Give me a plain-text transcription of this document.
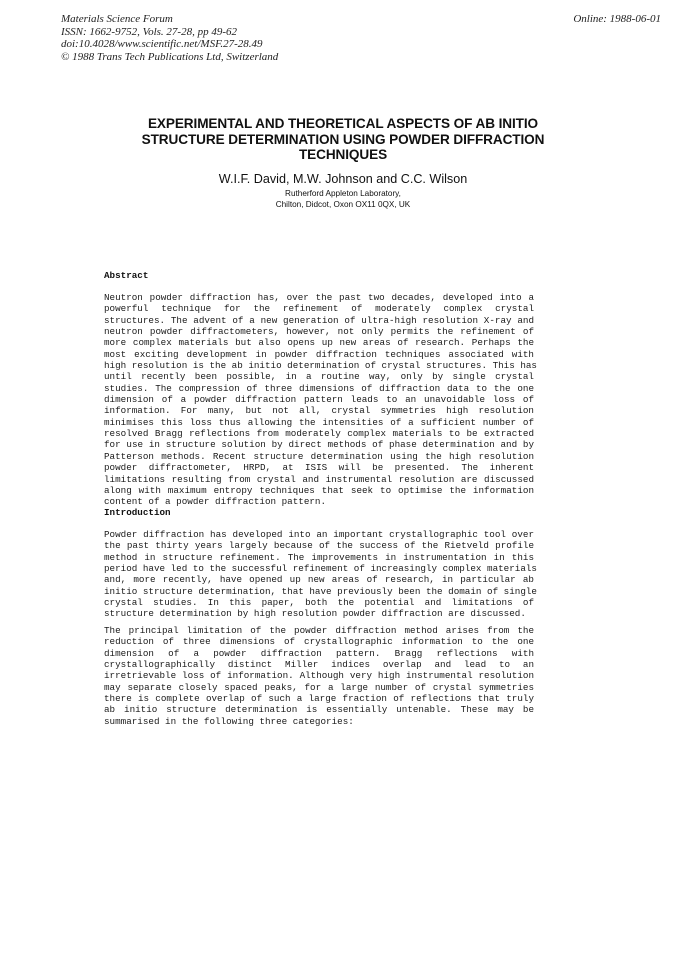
Materials Science Forum
ISSN: 1662-9752, Vols. 27-28, pp 49-62
doi:10.4028/www.scientific.net/MSF.27-28.49
© 1988 Trans Tech Publications Ltd, Switzerland
Online: 1988-06-01
EXPERIMENTAL AND THEORETICAL ASPECTS OF AB INITIO
STRUCTURE DETERMINATION USING POWDER DIFFRACTION
TECHNIQUES
W.I.F. David, M.W. Johnson and C.C. Wilson
Rutherford Appleton Laboratory,
Chilton, Didcot, Oxon OX11 0QX, UK
Abstract
Neutron powder diffraction has, over the past two decades, developed into a
powerful technique for the refinement of moderately complex crystal
structures. The advent of a new generation of ultra-high resolution X-ray and
neutron powder diffractometers, however, not only permits the refinement of
more complex materials but also opens up new areas of research. Perhaps the
most exciting development in powder diffraction techniques associated with
high resolution is the ab initio determination of crystal structures. This has
until recently been possible, in a routine way, only by single crystal
studies. The compression of three dimensions of diffraction data to the one
dimension of a powder diffraction pattern leads to an unavoidable loss of
information. For many, but not all, crystal symmetries high resolution
minimises this loss thus allowing the intensities of a sufficient number of
resolved Bragg reflections from moderately complex materials to be extracted
for use in structure solution by direct methods of phase determination and by
Patterson methods. Recent structure determination using the high resolution
powder diffractometer, HRPD, at ISIS will be presented. The inherent
limitations resulting from crystal and instrumental resolution are discussed
along with maximum entropy techniques that seek to optimise the information
content of a powder diffraction pattern.
Introduction
Powder diffraction has developed into an important crystallographic tool over
the past thirty years largely because of the success of the Rietveld profile
method in structure refinement. The improvements in instrumentation in this
period have led to the successful refinement of increasingly complex materials
and, more recently, have opened up new areas of research, in particular ab
initio structure determination, that have previously been the domain of single
crystal studies. In this paper, both the potential and limitations of
structure determination by high resolution powder diffraction are discussed.
The principal limitation of the powder diffraction method arises from the
reduction of three dimensions of crystallographic information to the one
dimension of a powder diffraction pattern. Bragg reflections with
crystallographically distinct Miller indices overlap and lead to an
irretrievable loss of information. Although very high instrumental resolution
may separate closely spaced peaks, for a large number of crystal symmetries
there is complete overlap of such a large fraction of reflections that truly
ab initio structure determination is essentially untenable. These may be
summarised in the following three categories:
